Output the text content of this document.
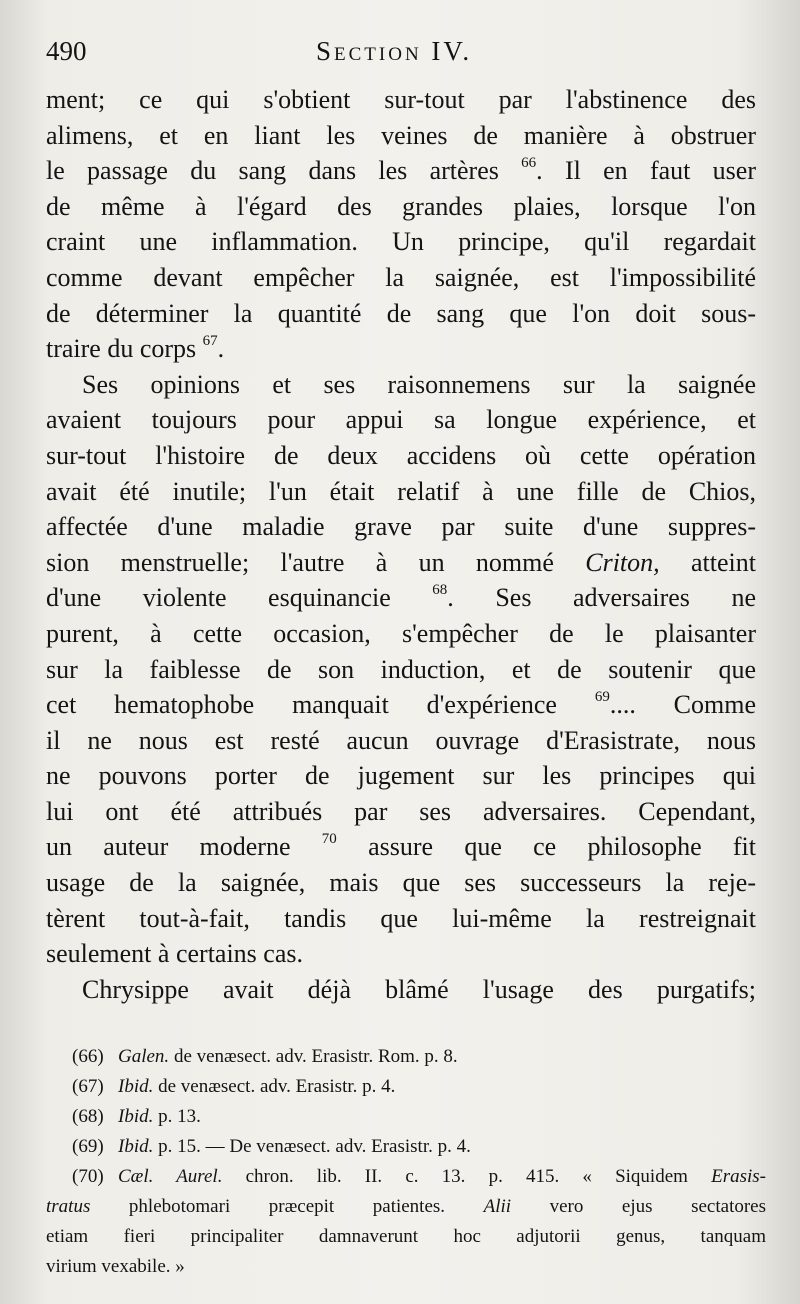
490	Section IV.
ment; ce qui s'obtient sur-tout par l'abstinence des
alimens, et en liant les veines de manière à obstruer
le passage du sang dans les artères $^{66}$. Il en faut user
de même à l'égard des grandes plaies, lorsque l'on
craint une inflammation. Un principe, qu'il regardait
comme devant empêcher la saignée, est l'impossibilité
de déterminer la quantité de sang que l'on doit sous-
traire du corps $^{67}$.
Ses opinions et ses raisonnemens sur la saignée
avaient toujours pour appui sa longue expérience, et
sur-tout l'histoire de deux accidens où cette opération
avait été inutile; l'un était relatif à une fille de Chios,
affectée d'une maladie grave par suite d'une suppres-
sion menstruelle; l'autre à un nommé Criton, atteint
d'une violente esquinancie $^{68}$. Ses adversaires ne
purent, à cette occasion, s'empêcher de le plaisanter
sur la faiblesse de son induction, et de soutenir que
cet hematophobe manquait d'expérience $^{69}$.... Comme
il ne nous est resté aucun ouvrage d'Erasistrate, nous
ne pouvons porter de jugement sur les principes qui
lui ont été attribués par ses adversaires. Cependant,
un auteur moderne $^{70}$ assure que ce philosophe fit
usage de la saignée, mais que ses successeurs la reje-
tèrent tout-à-fait, tandis que lui-même la restreignait
seulement à certains cas.
Chrysippe avait déjà blâmé l'usage des purgatifs;
(66) Galen. de venæsect. adv. Erasistr. Rom. p. 8.
(67) Ibid. de venæsect. adv. Erasistr. p. 4.
(68) Ibid. p. 13.
(69) Ibid. p. 15. — De venæsect. adv. Erasistr. p. 4.
(70) Cæl. Aurel. chron. lib. II. c. 13. p. 415. « Siquidem Erasis-
tratus phlebotomari præcepit patientes. Alii vero ejus sectatores
etiam fieri principaliter damnaverunt hoc adjutorii genus, tanquam
virium vexabile. »
